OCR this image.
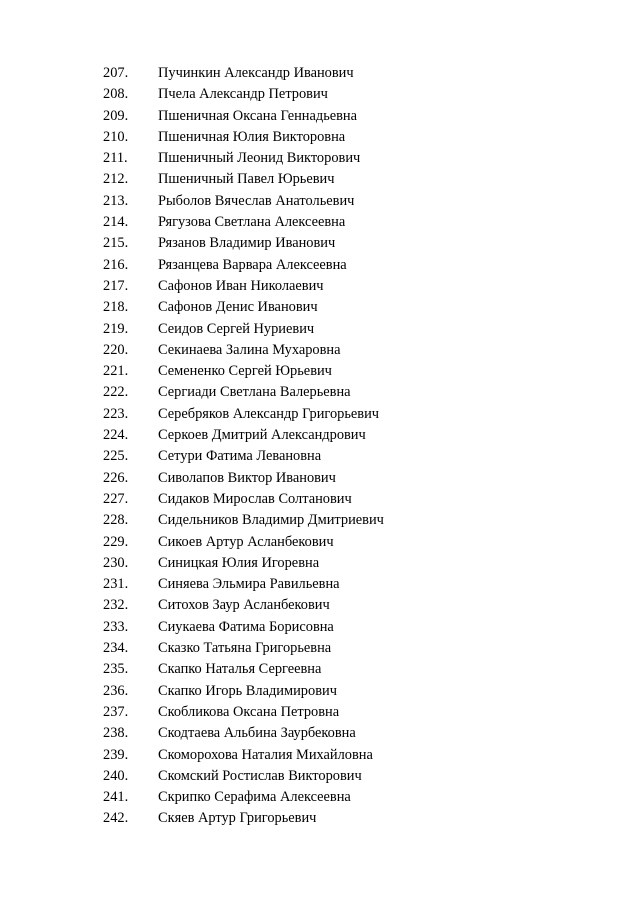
207.	Пучинкин Александр Иванович
208.	Пчела Александр Петрович
209.	Пшеничная Оксана Геннадьевна
210.	Пшеничная Юлия Викторовна
211.	Пшеничный Леонид Викторович
212.	Пшеничный Павел Юрьевич
213.	Рыболов Вячеслав Анатольевич
214.	Рягузова Светлана Алексеевна
215.	Рязанов Владимир Иванович
216.	Рязанцева Варвара Алексеевна
217.	Сафонов Иван Николаевич
218.	Сафонов Денис Иванович
219.	Сеидов Сергей Нуриевич
220.	Секинаева Залина Мухаровна
221.	Семененко Сергей Юрьевич
222.	Сергиади Светлана Валерьевна
223.	Серебряков Александр Григорьевич
224.	Серкоев Дмитрий Александрович
225.	Сетури Фатима Левановна
226.	Сиволапов Виктор Иванович
227.	Сидаков Мирослав Солтанович
228.	Сидельников Владимир Дмитриевич
229.	Сикоев Артур Асланбекович
230.	Синицкая Юлия Игоревна
231.	Синяева Эльмира Равильевна
232.	Ситохов Заур Асланбекович
233.	Сиукаева Фатима Борисовна
234.	Сказко Татьяна Григорьевна
235.	Скапко Наталья Сергеевна
236.	Скапко Игорь Владимирович
237.	Скобликова Оксана Петровна
238.	Скодтаева Альбина Заурбековна
239.	Скоморохова Наталия Михайловна
240.	Скомский Ростислав Викторович
241.	Скрипко Серафима Алексеевна
242.	Скяев Артур Григорьевич
